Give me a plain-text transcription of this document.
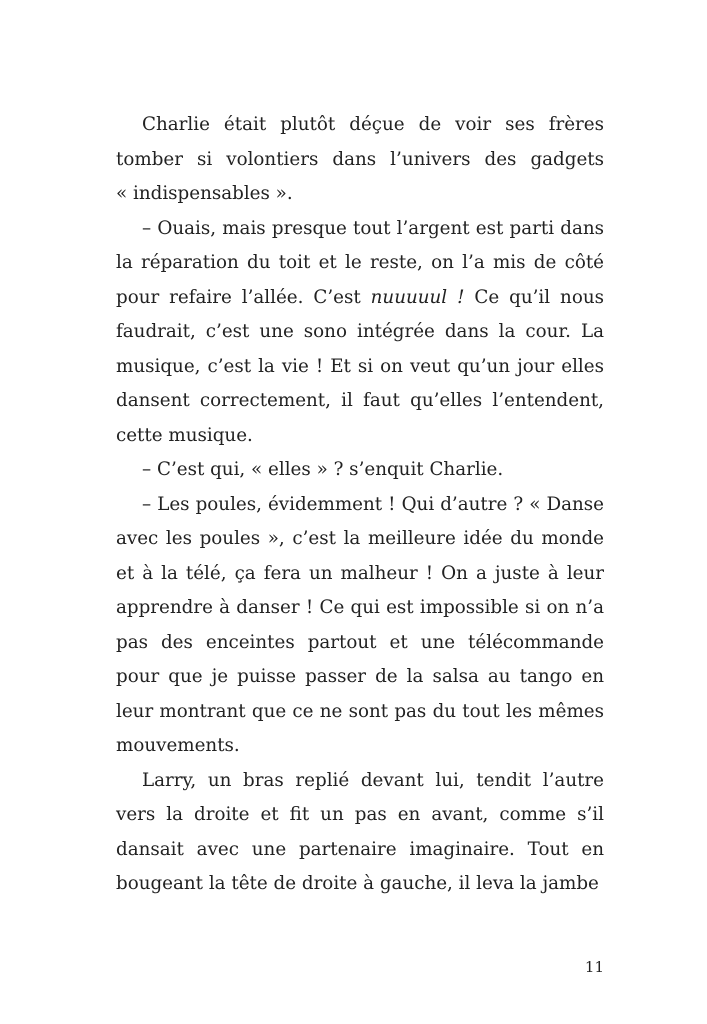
Charlie était plutôt déçue de voir ses frères tomber si volontiers dans l’univers des gadgets « indispensables ».

– Ouais, mais presque tout l’argent est parti dans la réparation du toit et le reste, on l’a mis de côté pour refaire l’allée. C’est nuuuuul ! Ce qu’il nous faudrait, c’est une sono intégrée dans la cour. La musique, c’est la vie ! Et si on veut qu’un jour elles dansent correctement, il faut qu’elles l’entendent, cette musique.

– C’est qui, « elles » ? s’enquit Charlie.

– Les poules, évidemment ! Qui d’autre ? « Danse avec les poules », c’est la meilleure idée du monde et à la télé, ça fera un malheur ! On a juste à leur apprendre à danser ! Ce qui est impossible si on n’a pas des enceintes partout et une télécommande pour que je puisse passer de la salsa au tango en leur montrant que ce ne sont pas du tout les mêmes mouvements.

Larry, un bras replié devant lui, tendit l’autre vers la droite et fit un pas en avant, comme s’il dansait avec une partenaire imaginaire. Tout en bougeant la tête de droite à gauche, il leva la jambe

11
